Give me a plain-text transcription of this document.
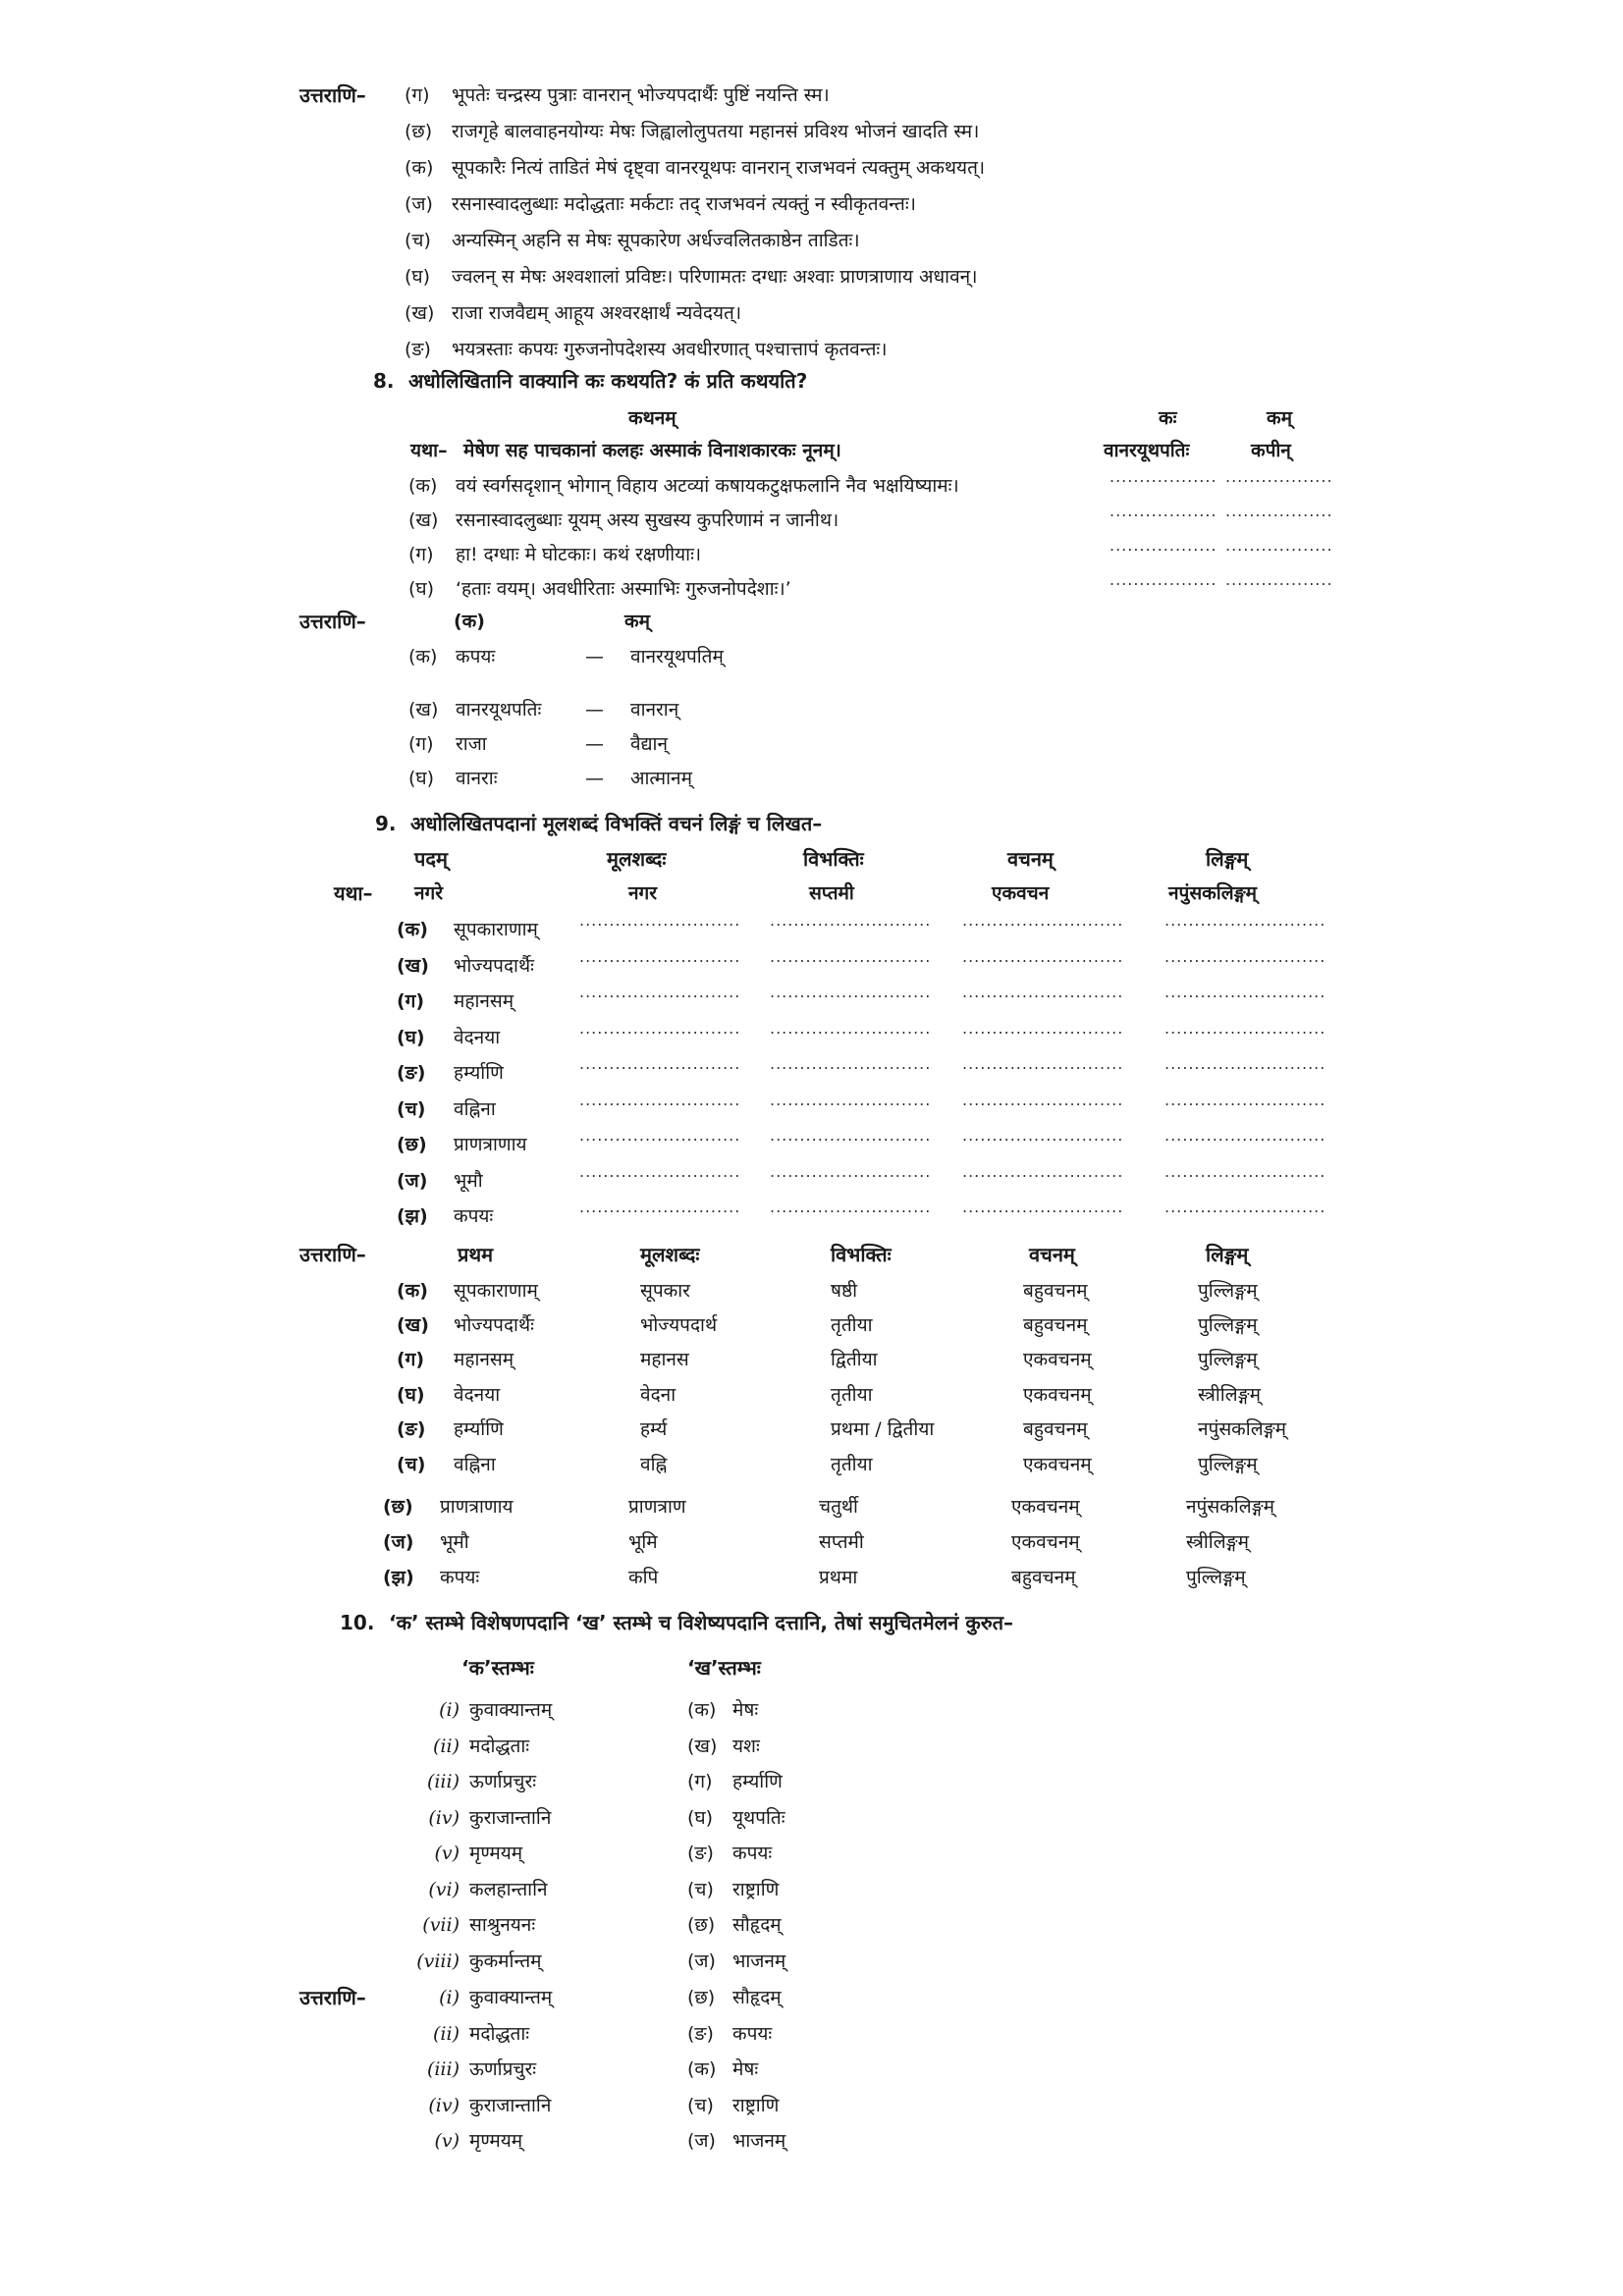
उत्तराणि– (ग) भूपतेः चन्द्रस्य पुत्राः वानरान् भोज्यपदार्थैः पुष्टिं नयन्ति स्म।
(छ) राजगृहे बालवाहनयोग्यः मेषः जिह्वालोलुपतया महानसं प्रविश्य भोजनं खादति स्म।
(क) सूपकारैः नित्यं ताडितं मेषं दृष्ट्वा वानरयूथपः वानरान् राजभवनं त्यक्तुम् अकथयत्।
(ज) रसनास्वादलुब्धाः मदोद्धताः मर्कटाः तद् राजभवनं त्यक्तुं न स्वीकृतवन्तः।
(च) अन्यस्मिन् अहनि स मेषः सूपकारेण अर्धज्वलितकाष्ठेन ताडितः।
(घ) ज्वलन् स मेषः अश्वशालां प्रविष्टः। परिणामतः दग्धाः अश्वाः प्राणत्राणाय अधावन्।
(ख) राजा राजवैद्यम् आहूय अश्वरक्षार्थं न्यवेदयत्।
(ङ) भयत्रस्ताः कपयः गुरुजनोपदेशस्य अवधीरणात् पश्चात्तापं कृतवन्तः।
8. अधोलिखितानि वाक्यानि कः कथयति? कं प्रति कथयति?
कथनम्	कः	कम्
यथा– मेषेण सह पाचकानां कलहः अस्माकं विनाशकारकः नूनम्।	वानरयूथपतिः	कपीन्
(क) वयं स्वर्गसदृशान् भोगान् विहाय अटव्यां कषायकटुक्षफलानि नैव भक्षयिष्यामः।	.................. ..................
(ख) रसनास्वादलुब्धाः यूयम् अस्य सुखस्य कुपरिणामं न जानीथ।	.................. ..................
(ग) हा! दग्धाः मे घोटकाः। कथं रक्षणीयाः।	.................. ..................
(घ) ‘हताः वयम्। अवधीरिताः अस्माभिः गुरुजनोपदेशाः।’	.................. ..................
उत्तराणि–	(क)	कम्
(क) कपयः	— वानरयूथपतिम्
(ख) वानरयूथपतिः — वानरान्
(ग) राजा	— वैद्यान्
(घ) वानराः	— आत्मानम्
9. अधोलिखितपदानां मूलशब्दं विभक्तिं वचनं लिङ्गं च लिखत–
पदम्	मूलशब्दः	विभक्तिः	वचनम्	लिङ्गम्
यथा– नगरे	नगर	सप्तमी	एकवचन	नपुंसकलिङ्गम्
(क) सूपकाराणाम्	........................... ........................... ...........................	...........................
(ख) भोज्यपदार्थैः	........................... ........................... ...........................	...........................
(ग) महानसम्	........................... ........................... ...........................	...........................
(घ) वेदनया	........................... ........................... ...........................	...........................
(ङ) हर्म्याणि	........................... ........................... ...........................	...........................
(च) वह्निना	........................... ........................... ...........................	...........................
(छ) प्राणत्राणाय	........................... ........................... ...........................	...........................
(ज) भूमौ	........................... ........................... ...........................	...........................
(झ) कपयः	........................... ........................... ...........................	...........................
उत्तराणि–	प्रथम	मूलशब्दः	विभक्तिः	वचनम्	लिङ्गम्
(क) सूपकाराणाम्	सूपकार	षष्ठी	बहुवचनम्	पुल्लिङ्गम्
(ख) भोज्यपदार्थैः	भोज्यपदार्थ	तृतीया	बहुवचनम्	पुल्लिङ्गम्
(ग) महानसम्	महानस	द्वितीया	एकवचनम्	पुल्लिङ्गम्
(घ) वेदनया	वेदना	तृतीया	एकवचनम्	स्त्रीलिङ्गम्
(ङ) हर्म्याणि	हर्म्य	प्रथमा / द्वितीया	बहुवचनम्	नपुंसकलिङ्गम्
(च) वह्निना	वह्नि	तृतीया	एकवचनम्	पुल्लिङ्गम्
(छ) प्राणत्राणाय	प्राणत्राण	चतुर्थी	एकवचनम्	नपुंसकलिङ्गम्
(ज) भूमौ	भूमि	सप्तमी	एकवचनम्	स्त्रीलिङ्गम्
(झ) कपयः	कपि	प्रथमा	बहुवचनम्	पुल्लिङ्गम्
10. ‘क’ स्तम्भे विशेषणपदानि ‘ख’ स्तम्भे च विशेष्यपदानि दत्तानि, तेषां समुचितमेलनं कुरुत–
‘क’स्तम्भः	‘ख’स्तम्भः
(i) कुवाक्यान्तम्	(क) मेषः
(ii) मदोद्धताः	(ख) यशः
(iii) ऊर्णाप्रचुरः	(ग) हर्म्याणि
(iv) कुराजान्तानि	(घ) यूथपतिः
(v) मृण्मयम्	(ङ) कपयः
(vi) कलहान्तानि	(च) राष्ट्राणि
(vii) साश्रुनयनः	(छ) सौहृदम्
(viii) कुकर्मान्तम्	(ज) भाजनम्
उत्तराणि–	(i) कुवाक्यान्तम्	(छ) सौहृदम्
(ii) मदोद्धताः	(ङ) कपयः
(iii) ऊर्णाप्रचुरः	(क) मेषः
(iv) कुराजान्तानि	(च) राष्ट्राणि
(v) मृण्मयम्	(ज) भाजनम्
